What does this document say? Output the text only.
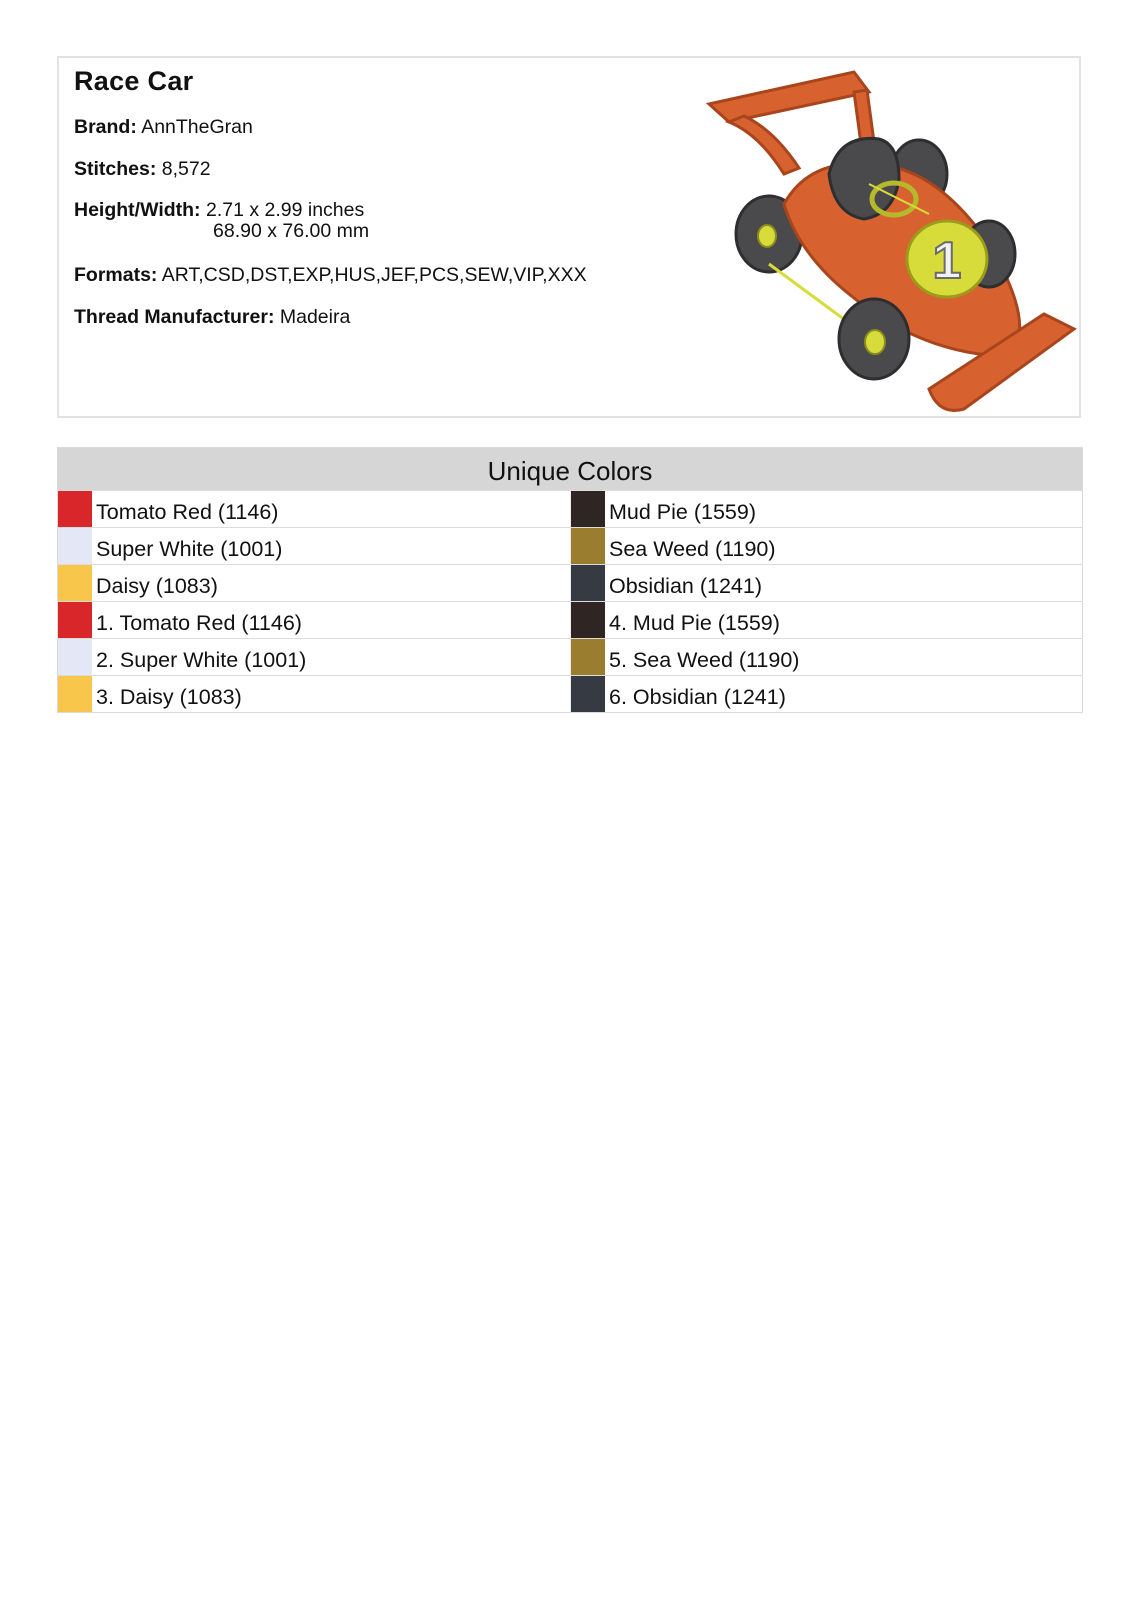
Race Car
Brand: AnnTheGran
Stitches: 8,572
Height/Width: 2.71 x 2.99 inches
68.90 x 76.00 mm
Formats: ART,CSD,DST,EXP,HUS,JEF,PCS,SEW,VIP,XXX
Thread Manufacturer: Madeira
1
Unique Colors
Tomato Red (1146)	Mud Pie (1559)
Super White (1001)	Sea Weed (1190)
Daisy (1083)	Obsidian (1241)
1. Tomato Red (1146)	4. Mud Pie (1559)
2. Super White (1001)	5. Sea Weed (1190)
3. Daisy (1083)	6. Obsidian (1241)
